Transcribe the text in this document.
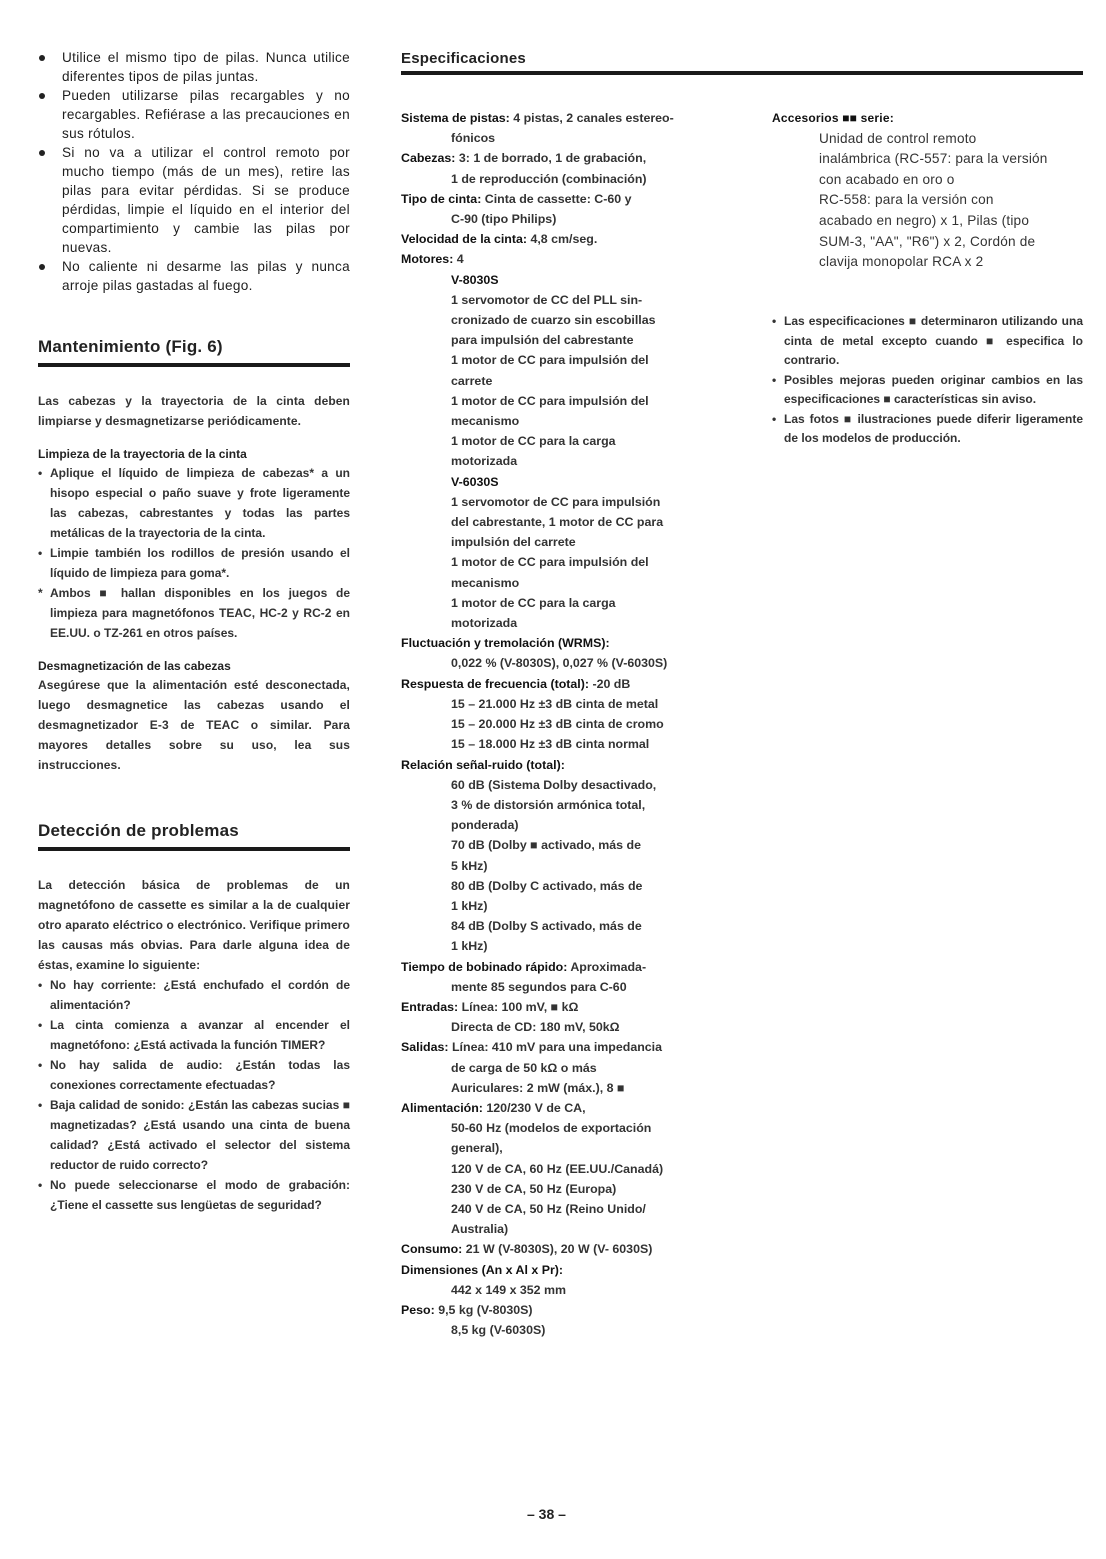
Utilice el mismo tipo de pilas. Nunca utilice diferentes tipos de pilas juntas.
Pueden utilizarse pilas recargables y no recargables. Refiérase a las precauciones en sus rótulos.
Si no va a utilizar el control remoto por mucho tiempo (más de un mes), retire las pilas para evitar pérdidas. Si se produce pérdidas, limpie el líquido en el interior del compartimiento y cambie las pilas por nuevas.
No caliente ni desarme las pilas y nunca arroje pilas gastadas al fuego.
Mantenimiento (Fig. 6)

Las cabezas y la trayectoria de la cinta deben limpiarse y desmagnetizarse periódicamente.

Limpieza de la trayectoria de la cinta

• Aplique el líquido de limpieza de cabezas* a un hisopo especial o paño suave y frote ligeramente las cabezas, cabrestantes y todas las partes metálicas de la trayectoria de la cinta.
• Limpie también los rodillos de presión usando el líquido de limpieza para goma*.
* Ambos ■ hallan disponibles en los juegos de limpieza para magnetófonos TEAC, HC-2 y RC-2 en EE.UU. o TZ-261 en otros países.

Desmagnetización de las cabezas

Asegúrese que la alimentación esté desconectada, luego desmagnetice las cabezas usando el desmagnetizador E-3 de TEAC o similar. Para mayores detalles sobre su uso, lea sus instrucciones.

Detección de problemas

La detección básica de problemas de un magnetófono de cassette es similar a la de cualquier otro aparato eléctrico o electrónico. Verifique primero las causas más obvias. Para darle alguna idea de éstas, examine lo siguiente:

• No hay corriente: ¿Está enchufado el cordón de alimentación?
• La cinta comienza a avanzar al encender el magnetófono: ¿Está activada la función TIMER?
• No hay salida de audio: ¿Están todas las conexiones correctamente efectuadas?
• Baja calidad de sonido: ¿Están las cabezas sucias ■ magnetizadas? ¿Está usando una cinta de buena calidad? ¿Está activado el selector del sistema reductor de ruido correcto?
• No puede seleccionarse el modo de grabación: ¿Tiene el cassette sus lengüetas de seguridad?
Especificaciones
Sistema de pistas: 4 pistas, 2 canales estereo-
fónicos
Cabezas: 3: 1 de borrado, 1 de grabación,
1 de reproducción (combinación)
Tipo de cinta: Cinta de cassette: C-60 y
C-90 (tipo Philips)
Velocidad de la cinta: 4,8 cm/seg.
Motores: 4
V-8030S
1 servomotor de CC del PLL sin-
cronizado de cuarzo sin escobillas
para impulsión del cabrestante
1 motor de CC para impulsión del
carrete
1 motor de CC para impulsión del
mecanismo
1 motor de CC para la carga
motorizada
V-6030S
1 servomotor de CC para impulsión
del cabrestante, 1 motor de CC para
impulsión del carrete
1 motor de CC para impulsión del
mecanismo
1 motor de CC para la carga
motorizada
Fluctuación y tremolación (WRMS):
0,022 % (V-8030S), 0,027 % (V-6030S)
Respuesta de frecuencia (total): -20 dB
15 – 21.000 Hz ±3 dB cinta de metal
15 – 20.000 Hz ±3 dB cinta de cromo
15 – 18.000 Hz ±3 dB cinta normal
Relación señal-ruido (total):
60 dB (Sistema Dolby desactivado,
3 % de distorsión armónica total,
ponderada)
70 dB (Dolby ■ activado, más de
5 kHz)
80 dB (Dolby C activado, más de
1 kHz)
84 dB (Dolby S activado, más de
1 kHz)
Tiempo de bobinado rápido: Aproximada-
mente 85 segundos para C-60
Entradas: Línea: 100 mV, ■ kΩ
Directa de CD: 180 mV, 50kΩ
Salidas: Línea: 410 mV para una impedancia
de carga de 50 kΩ o más
Auriculares: 2 mW (máx.), 8 ■
Alimentación: 120/230 V de CA,
50-60 Hz (modelos de exportación
general),
120 V de CA, 60 Hz (EE.UU./Canadá)
230 V de CA, 50 Hz (Europa)
240 V de CA, 50 Hz (Reino Unido/
Australia)
Consumo: 21 W (V-8030S), 20 W (V- 6030S)
Dimensiones (An x Al x Pr):
442 x 149 x 352 mm
Peso: 9,5 kg (V-8030S)
8,5 kg (V-6030S)
Accesorios ■■ serie:
Unidad de control remoto
inalámbrica (RC-557: para la versión
con acabado en oro o
RC-558: para la versión con
acabado en negro) x 1, Pilas (tipo
SUM-3, "AA", "R6") x 2, Cordón de
clavija monopolar RCA x 2
• Las especificaciones ■ determinaron utilizando una cinta de metal excepto cuando ■ especifica lo contrario.
• Posibles mejoras pueden originar cambios en las especificaciones ■ características sin aviso.
• Las fotos ■ ilustraciones puede diferir ligeramente de los modelos de producción.
– 38 –
